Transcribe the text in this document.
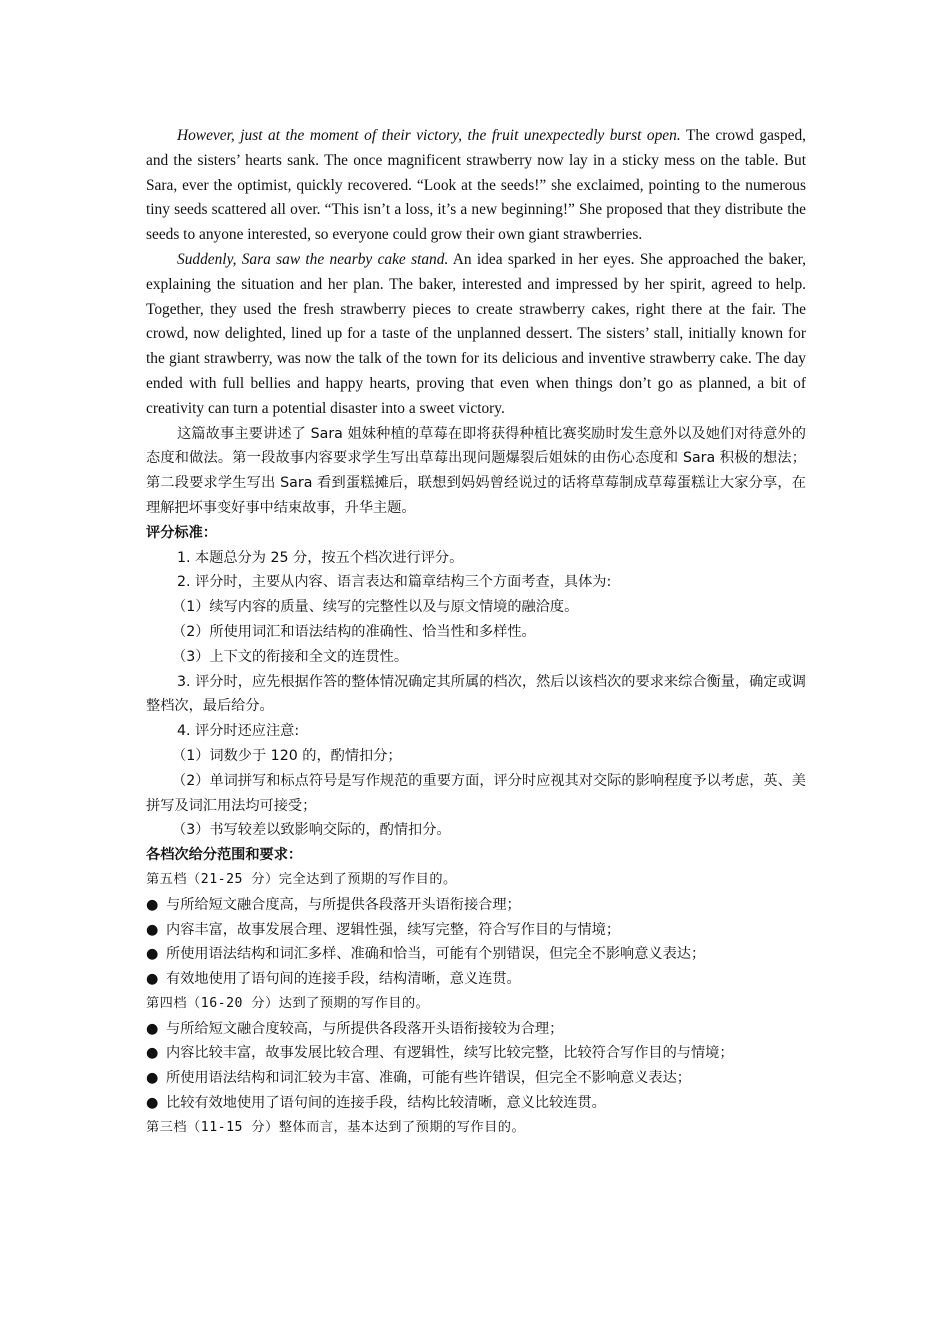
However, just at the moment of their victory, the fruit unexpectedly burst open. The crowd gasped, and the sisters’ hearts sank. The once magnificent strawberry now lay in a sticky mess on the table. But Sara, ever the optimist, quickly recovered. “Look at the seeds!” she exclaimed, pointing to the numerous tiny seeds scattered all over. “This isn’t a loss, it’s a new beginning!” She proposed that they distribute the seeds to anyone interested, so everyone could grow their own giant strawberries.

Suddenly, Sara saw the nearby cake stand. An idea sparked in her eyes. She approached the baker, explaining the situation and her plan. The baker, interested and impressed by her spirit, agreed to help. Together, they used the fresh strawberry pieces to create strawberry cakes, right there at the fair. The crowd, now delighted, lined up for a taste of the unplanned dessert. The sisters’ stall, initially known for the giant strawberry, was now the talk of the town for its delicious and inventive strawberry cake. The day ended with full bellies and happy hearts, proving that even when things don’t go as planned, a bit of creativity can turn a potential disaster into a sweet victory.

这篇故事主要讲述了 Sara 姐妹种植的草莓在即将获得种植比赛奖励时发生意外以及她们对待意外的态度和做法。第一段故事内容要求学生写出草莓出现问题爆裂后姐妹的由伤心态度和 Sara 积极的想法；第二段要求学生写出 Sara 看到蛋糕摊后，联想到妈妈曾经说过的话将草莓制成草莓蛋糕让大家分享，在理解把坏事变好事中结束故事，升华主题。

评分标准：

1. 本题总分为 25 分，按五个档次进行评分。

2. 评分时，主要从内容、语言表达和篇章结构三个方面考查，具体为:

（1）续写内容的质量、续写的完整性以及与原文情境的融洽度。

（2）所使用词汇和语法结构的准确性、恰当性和多样性。

（3）上下文的衔接和全文的连贯性。

3. 评分时，应先根据作答的整体情况确定其所属的档次，然后以该档次的要求来综合衡量，确定或调整档次，最后给分。

4. 评分时还应注意:

（1）词数少于 120 的，酌情扣分；

（2）单词拼写和标点符号是写作规范的重要方面，评分时应视其对交际的影响程度予以考虑，英、美拼写及词汇用法均可接受；

（3）书写较差以致影响交际的，酌情扣分。

各档次给分范围和要求：

第五档（21-25 分）完全达到了预期的写作目的。

● 与所给短文融合度高，与所提供各段落开头语衔接合理；

● 内容丰富，故事发展合理、逻辑性强，续写完整，符合写作目的与情境；

● 所使用语法结构和词汇多样、准确和恰当，可能有个别错误，但完全不影响意义表达；

● 有效地使用了语句间的连接手段，结构清晰，意义连贯。

第四档（16-20 分）达到了预期的写作目的。

● 与所给短文融合度较高，与所提供各段落开头语衔接较为合理；

● 内容比较丰富，故事发展比较合理、有逻辑性，续写比较完整，比较符合写作目的与情境；

● 所使用语法结构和词汇较为丰富、准确，可能有些许错误，但完全不影响意义表达；

● 比较有效地使用了语句间的连接手段，结构比较清晰，意义比较连贯。

第三档（11-15 分）整体而言，基本达到了预期的写作目的。
